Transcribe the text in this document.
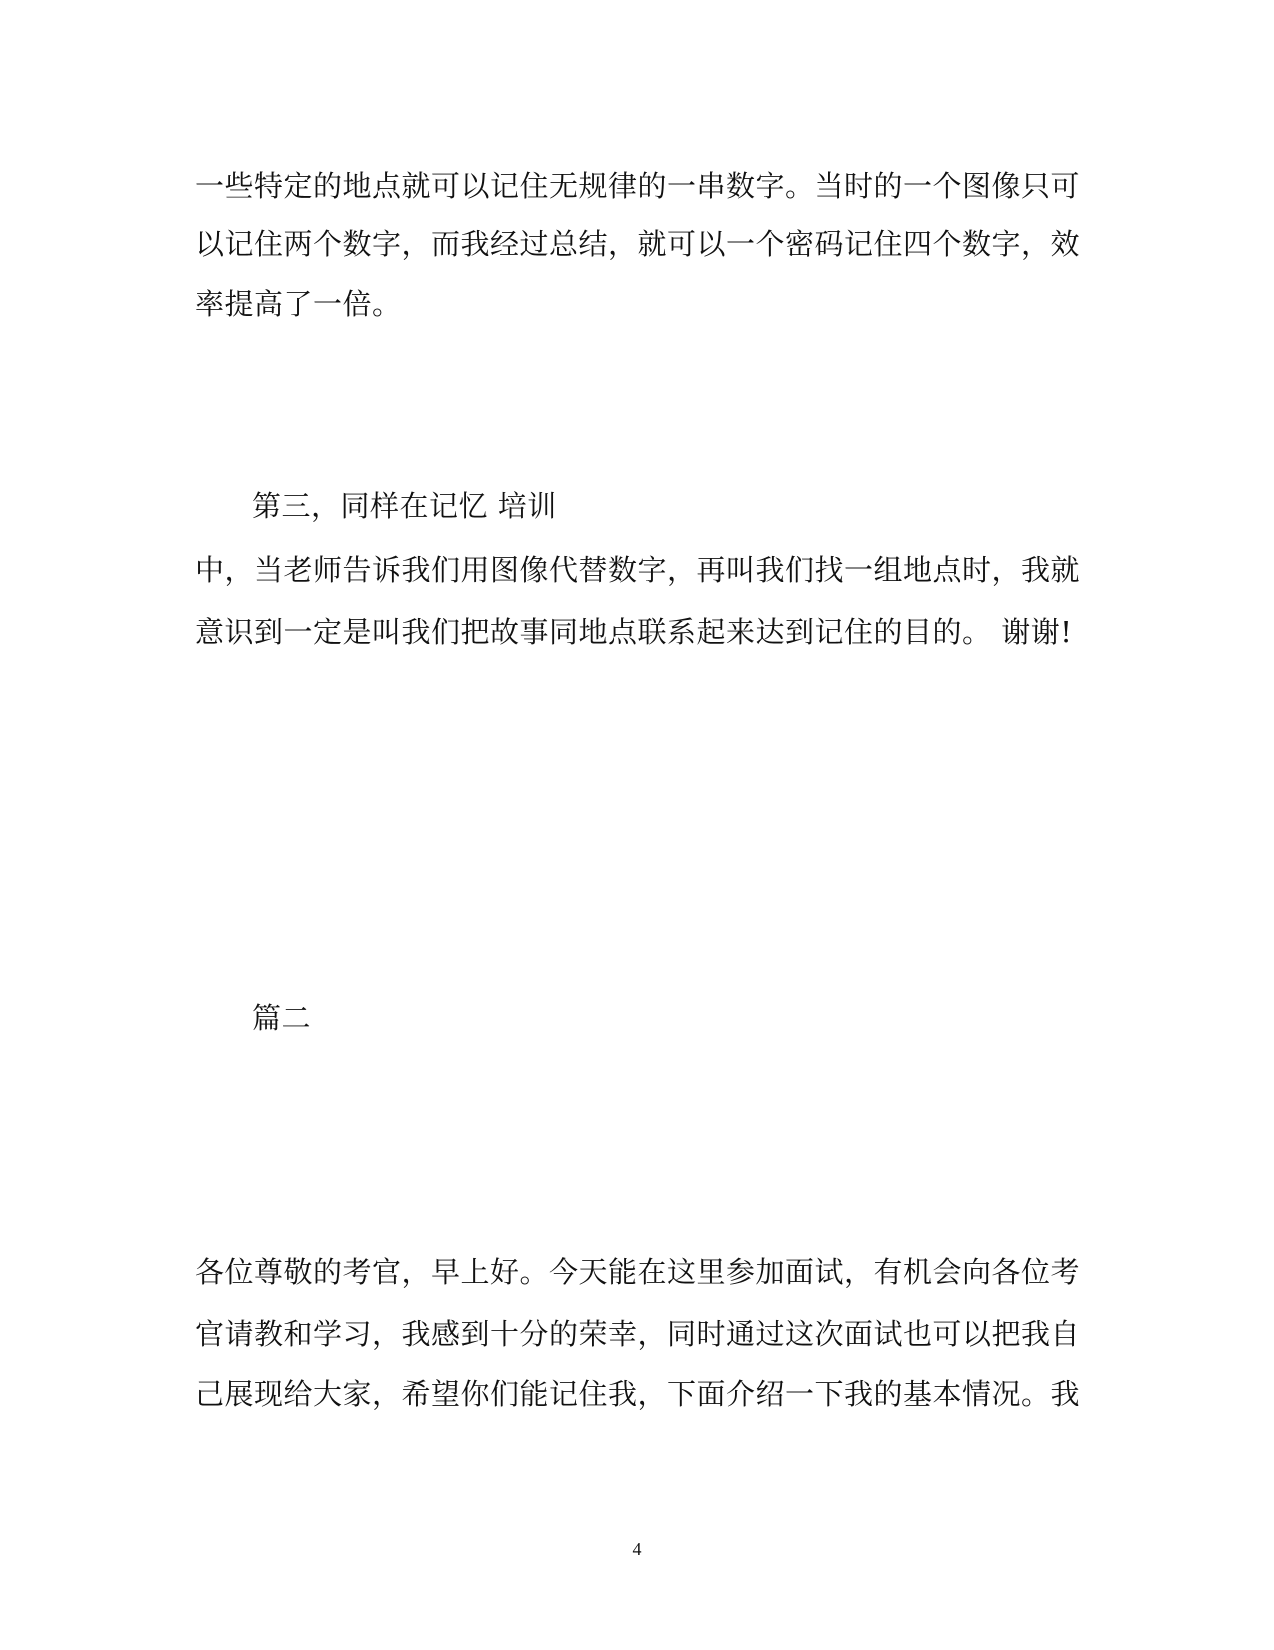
一些特定的地点就可以记住无规律的一串数字。当时的一个图像只可
以记住两个数字，而我经过总结，就可以一个密码记住四个数字，效
率提高了一倍。
第三，同样在记忆 培训
中，当老师告诉我们用图像代替数字，再叫我们找一组地点时，我就
意识到一定是叫我们把故事同地点联系起来达到记住的目的。 谢谢!
篇二
各位尊敬的考官，早上好。今天能在这里参加面试，有机会向各位考
官请教和学习，我感到十分的荣幸，同时通过这次面试也可以把我自
己展现给大家，希望你们能记住我，下面介绍一下我的基本情况。我
4
